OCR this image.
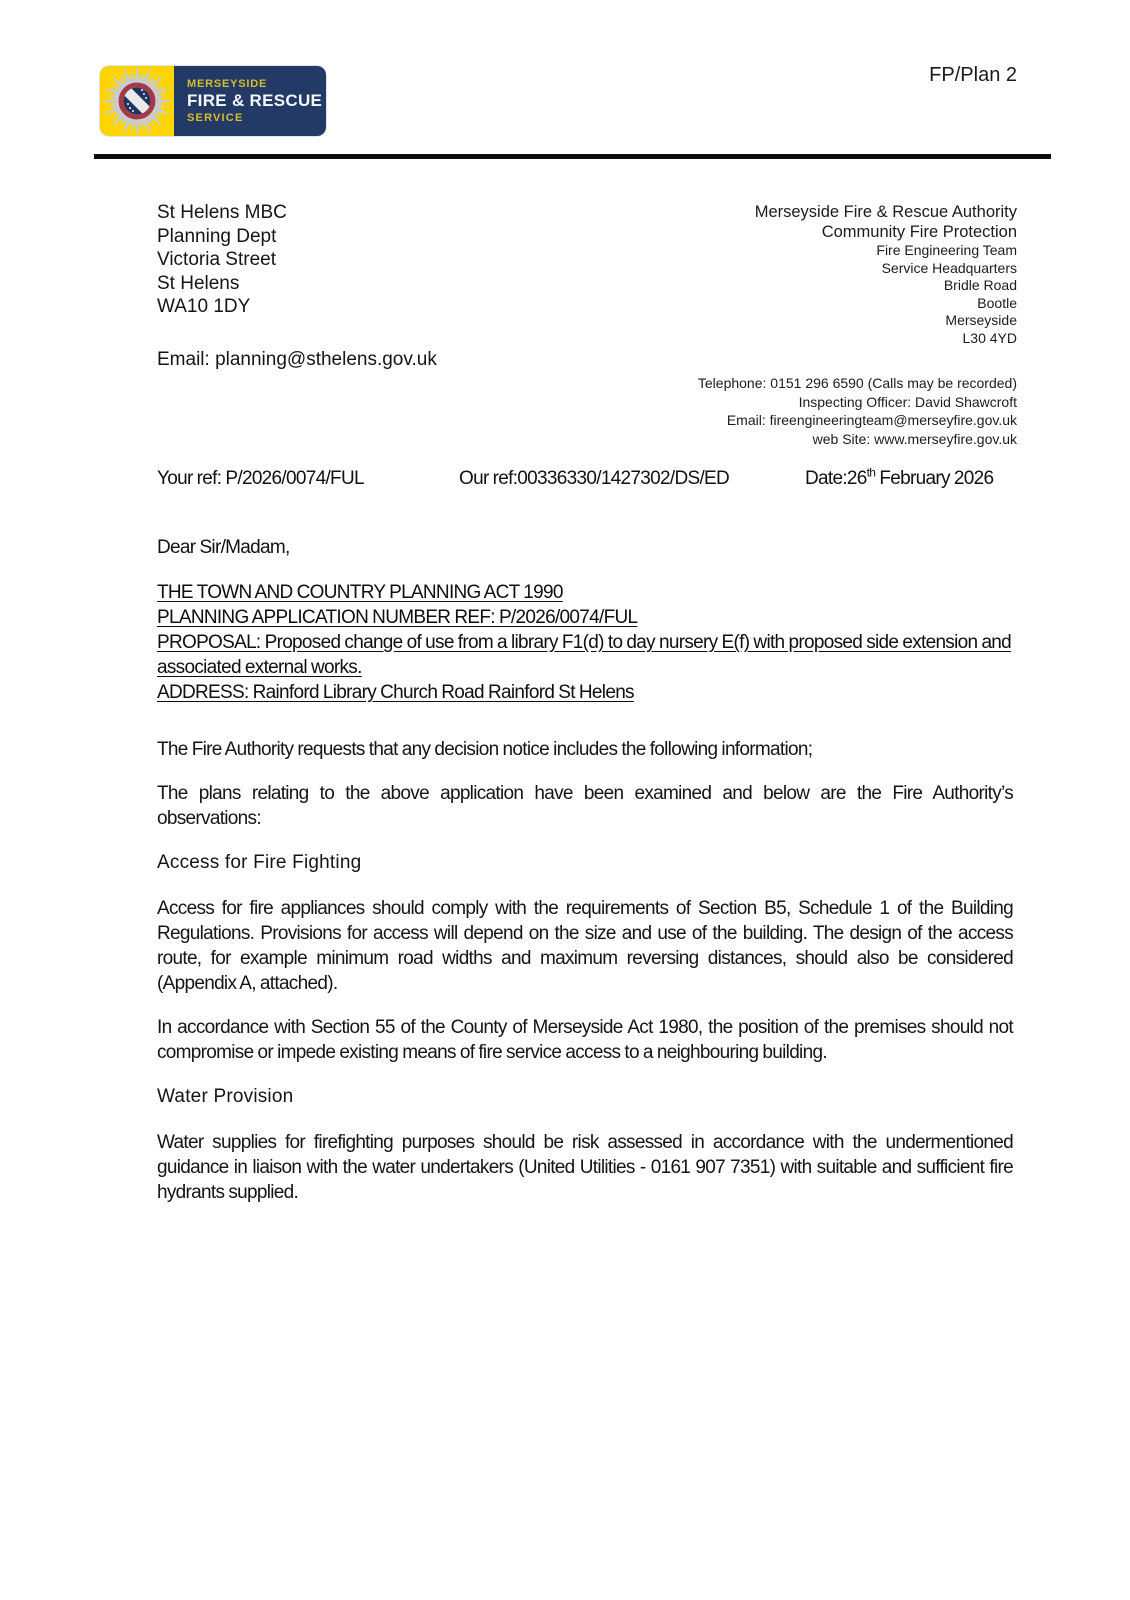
FP/Plan 2
MERSEYSIDE
FIRE & RESCUE
SERVICE
St Helens MBC
Planning Dept
Victoria Street
St Helens
WA10 1DY
Email: planning@sthelens.gov.uk
Merseyside Fire & Rescue Authority
Community Fire Protection
Fire Engineering Team
Service Headquarters
Bridle Road
Bootle
Merseyside
L30 4YD
Telephone: 0151 296 6590 (Calls may be recorded)
Inspecting Officer: David Shawcroft
Email: fireengineeringteam@merseyfire.gov.uk
web Site: www.merseyfire.gov.uk
Your ref: P/2026/0074/FUL	Our ref:00336330/1427302/DS/ED	Date:26th February 2026
Dear Sir/Madam,
THE TOWN AND COUNTRY PLANNING ACT 1990
PLANNING APPLICATION NUMBER REF: P/2026/0074/FUL
PROPOSAL: Proposed change of use from a library F1(d) to day nursery E(f) with proposed side extension and associated external works.
ADDRESS: Rainford Library Church Road Rainford St Helens

The Fire Authority requests that any decision notice includes the following information;

The plans relating to the above application have been examined and below are the Fire Authority’s observations:

Access for Fire Fighting

Access for fire appliances should comply with the requirements of Section B5, Schedule 1 of the Building Regulations. Provisions for access will depend on the size and use of the building. The design of the access route, for example minimum road widths and maximum reversing distances, should also be considered (Appendix A, attached).

In accordance with Section 55 of the County of Merseyside Act 1980, the position of the premises should not compromise or impede existing means of fire service access to a neighbouring building.

Water Provision

Water supplies for firefighting purposes should be risk assessed in accordance with the undermentioned guidance in liaison with the water undertakers (United Utilities - 0161 907 7351) with suitable and sufficient fire hydrants supplied.
